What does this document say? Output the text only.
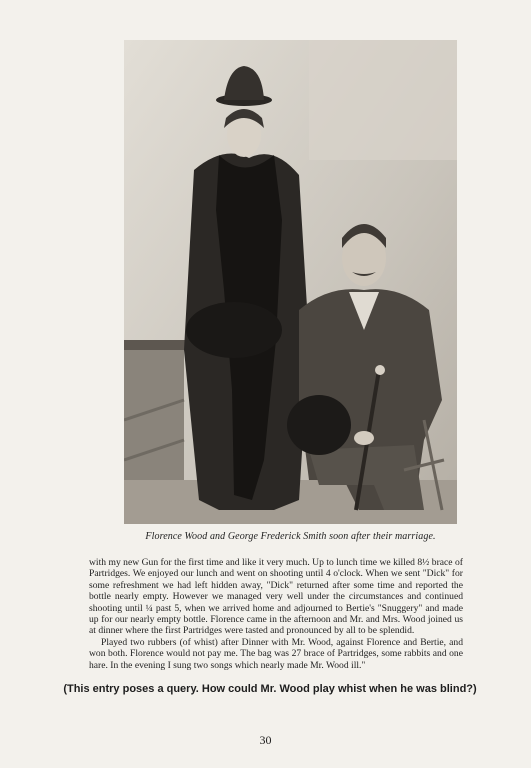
Florence Wood and George Frederick Smith soon after their marriage.

with my new Gun for the first time and like it very much. Up to lunch time we killed 8½ brace of Partridges. We enjoyed our lunch and went on shooting until 4 o'clock. When we sent "Dick" for some refreshment we had left hidden away, "Dick" returned after some time and reported the bottle nearly empty. However we managed very well under the circumstances and continued shooting until ¼ past 5, when we arrived home and adjourned to Bertie's "Snuggery" and made up for our nearly empty bottle. Florence came in the afternoon and Mr. and Mrs. Wood joined us at dinner where the first Partridges were tasted and pronounced by all to be splendid.

Played two rubbers (of whist) after Dinner with Mr. Wood, against Florence and Bertie, and won both. Florence would not pay me. The bag was 27 brace of Partridges, some rabbits and one hare. In the evening I sung two songs which nearly made Mr. Wood ill."

(This entry poses a query. How could Mr. Wood play whist when he was blind?)
30
